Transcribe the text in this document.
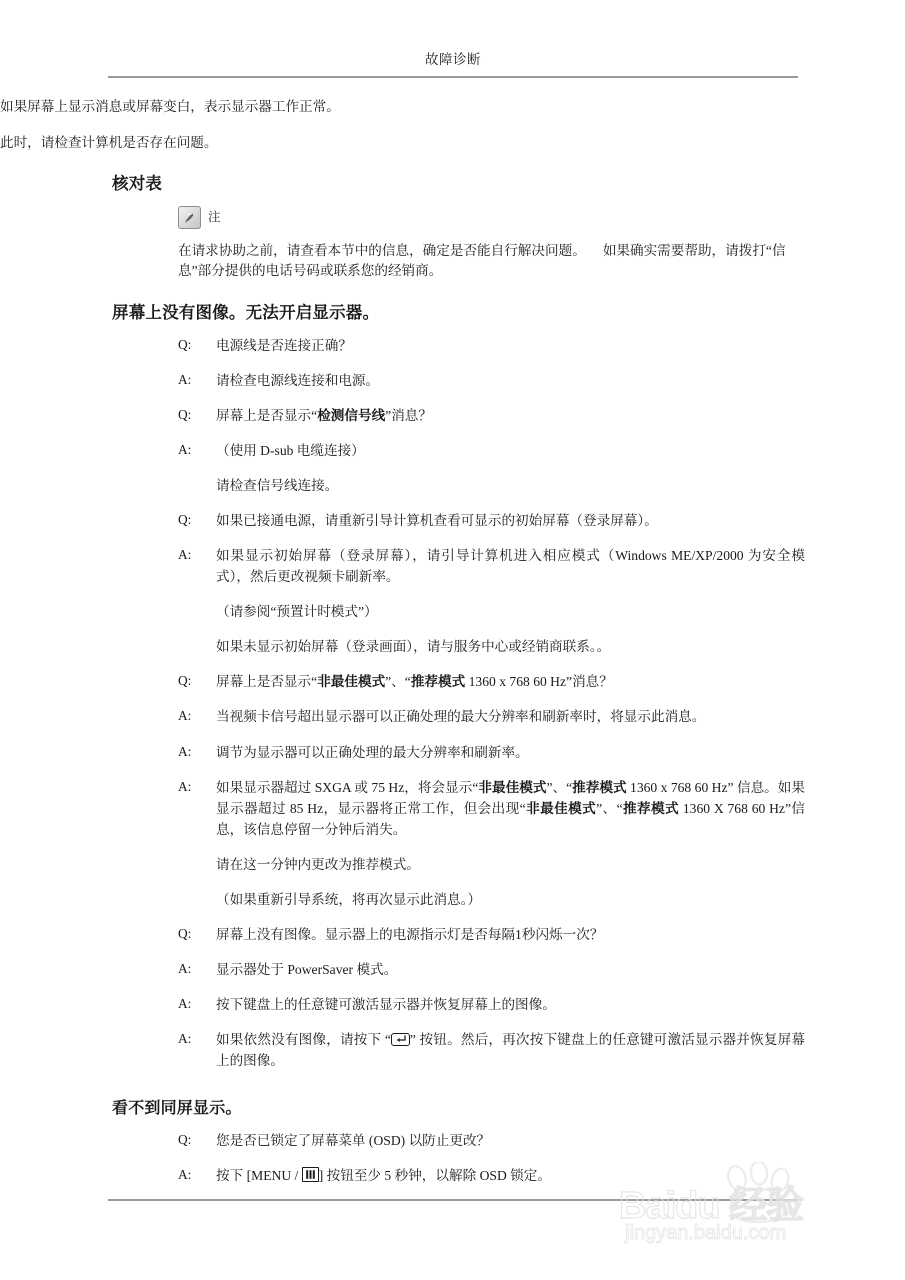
故障诊断

如果屏幕上显示消息或屏幕变白，表示显示器工作正常。

此时，请检查计算机是否存在问题。

核对表
注

在请求协助之前，请查看本节中的信息，确定是否能自行解决问题。 如果确实需要帮助，请拨打“信息”部分提供的电话号码或联系您的经销商。

屏幕上没有图像。无法开启显示器。
Q:	电源线是否连接正确？
A:	请检查电源线连接和电源。
Q:	屏幕上是否显示“检测信号线”消息？
A:	（使用 D-sub 电缆连接）
请检查信号线连接。
Q:	如果已接通电源，请重新引导计算机查看可显示的初始屏幕（登录屏幕）。
A:	如果显示初始屏幕（登录屏幕），请引导计算机进入相应模式（Windows ME/XP/2000 为安全模式），然后更改视频卡刷新率。
（请参阅“预置计时模式”）
如果未显示初始屏幕（登录画面），请与服务中心或经销商联系。。
Q:	屏幕上是否显示“非最佳模式”、“推荐模式 1360 x 768 60 Hz”消息？
A:	当视频卡信号超出显示器可以正确处理的最大分辨率和刷新率时，将显示此消息。
A:	调节为显示器可以正确处理的最大分辨率和刷新率。
A:	如果显示器超过 SXGA 或 75 Hz，将会显示“非最佳模式”、“推荐模式 1360 x 768 60 Hz” 信息。如果显示器超过 85 Hz，显示器将正常工作，但会出现“非最佳模式”、“推荐模式 1360 X 768 60 Hz”信息，该信息停留一分钟后消失。
请在这一分钟内更改为推荐模式。
（如果重新引导系统，将再次显示此消息。）
Q:	屏幕上没有图像。显示器上的电源指示灯是否每隔1秒闪烁一次？
A:	显示器处于 PowerSaver 模式。
A:	按下键盘上的任意键可激活显示器并恢复屏幕上的图像。
A:	如果依然没有图像，请按下 “ ” 按钮。然后，再次按下键盘上的任意键可激活显示器并恢复屏幕上的图像。
看不到同屏显示。
Q:	您是否已锁定了屏幕菜单 (OSD) 以防止更改？
A:	按下 [MENU /
] 按钮至少 5 秒钟，以解除 OSD 锁定。
Baidu 经验
jingyan.baidu.com
